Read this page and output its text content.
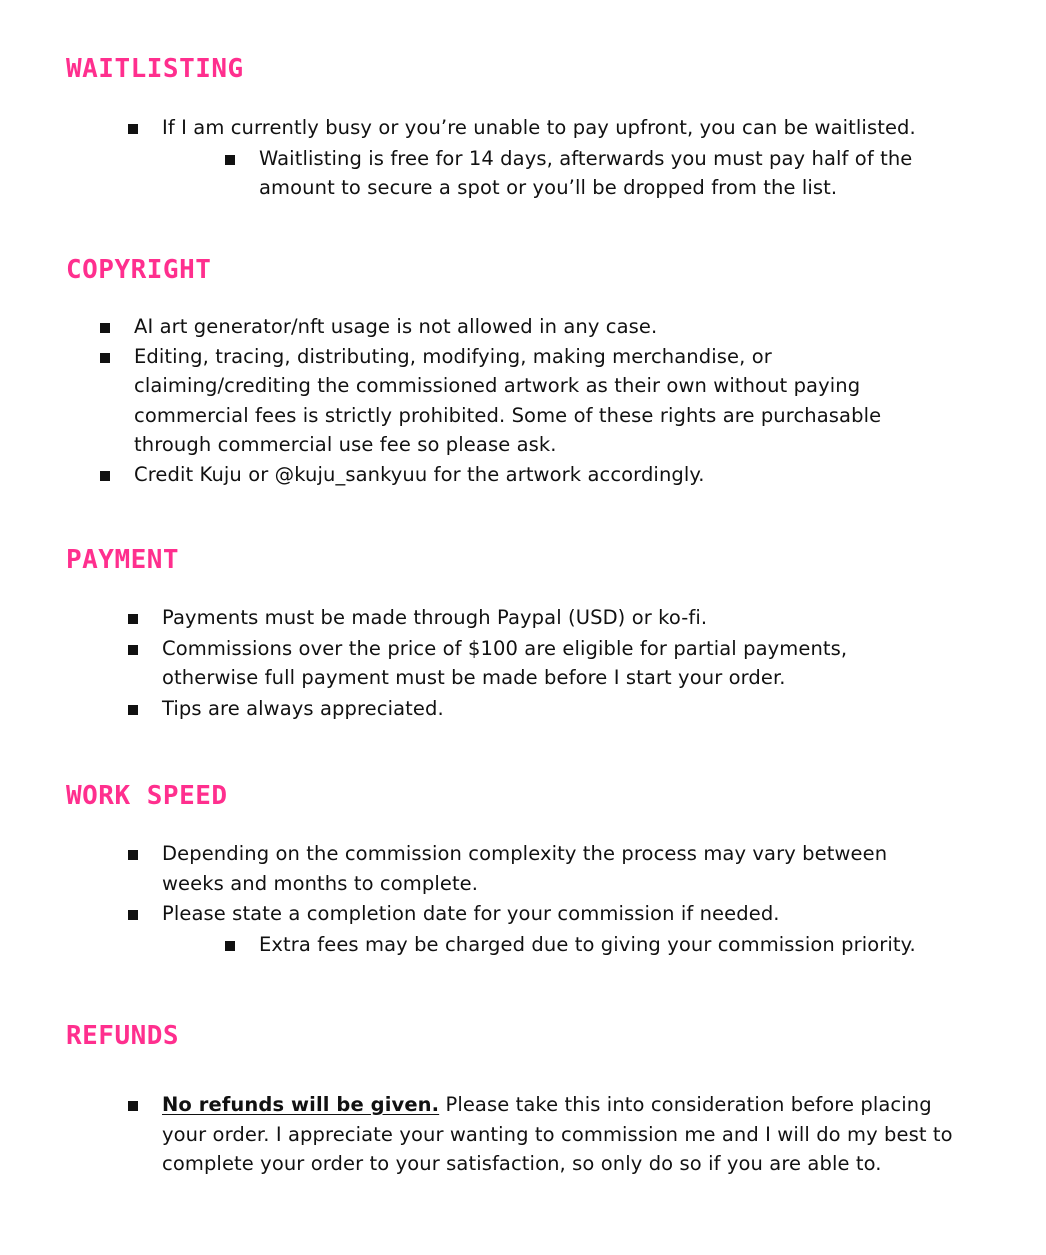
WAITLISTING
If I am currently busy or you’re unable to pay upfront, you can be waitlisted.
Waitlisting is free for 14 days, afterwards you must pay half of the amount to secure a spot or you’ll be dropped from the list.
COPYRIGHT
AI art generator/nft usage is not allowed in any case.
Editing, tracing, distributing, modifying, making merchandise, or claiming/crediting the commissioned artwork as their own without paying commercial fees is strictly prohibited. Some of these rights are purchasable through commercial use fee so please ask.
Credit Kuju or @kuju_sankyuu for the artwork accordingly.
PAYMENT
Payments must be made through Paypal (USD) or ko-fi.
Commissions over the price of $100 are eligible for partial payments, otherwise full payment must be made before I start your order.
Tips are always appreciated.
WORK SPEED
Depending on the commission complexity the process may vary between weeks and months to complete.
Please state a completion date for your commission if needed.
Extra fees may be charged due to giving your commission priority.
REFUNDS
No refunds will be given. Please take this into consideration before placing your order. I appreciate your wanting to commission me and I will do my best to complete your order to your satisfaction, so only do so if you are able to.
